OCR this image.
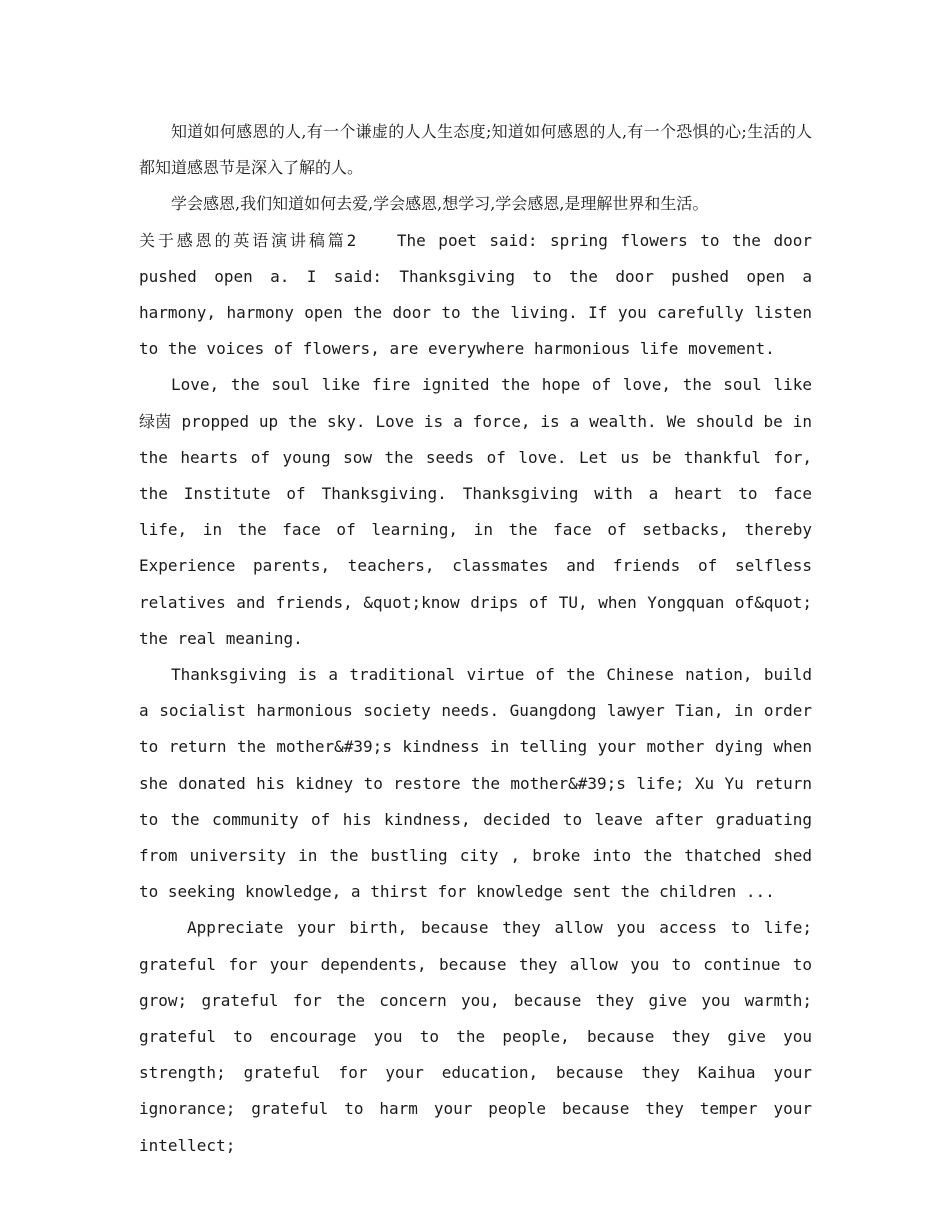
知道如何感恩的人,有一个谦虚的人人生态度;知道如何感恩的人,有一个恐惧的心;生活的人都知道感恩节是深入了解的人。

学会感恩,我们知道如何去爱,学会感恩,想学习,学会感恩,是理解世界和生活。

关于感恩的英语演讲稿篇2　　The poet said: spring flowers to the door pushed open a. I said: Thanksgiving to the door pushed open a harmony, harmony open the door to the living. If you carefully listen to the voices of flowers, are everywhere harmonious life movement.

Love, the soul like fire ignited the hope of love, the soul like 绿茵 propped up the sky. Love is a force, is a wealth. We should be in the hearts of young sow the seeds of love. Let us be thankful for, the Institute of Thanksgiving. Thanksgiving with a heart to face life, in the face of learning, in the face of setbacks, thereby Experience parents, teachers, classmates and friends of selfless relatives and friends, &quot;know drips of TU, when Yongquan of&quot; the real meaning.

Thanksgiving is a traditional virtue of the Chinese nation, build a socialist harmonious society needs. Guangdong lawyer Tian, in order to return the mother&#39;s kindness in telling your mother dying when she donated his kidney to restore the mother&#39;s life; Xu Yu return to the community of his kindness, decided to leave after graduating from university in the bustling city , broke into the thatched shed to seeking knowledge, a thirst for knowledge sent the children ...

Appreciate your birth, because they allow you access to life; grateful for your dependents, because they allow you to continue to grow; grateful for the concern you, because they give you warmth; grateful to encourage you to the people, because they give you strength; grateful for your education, because they Kaihua your ignorance; grateful to harm your people because they temper your intellect;
